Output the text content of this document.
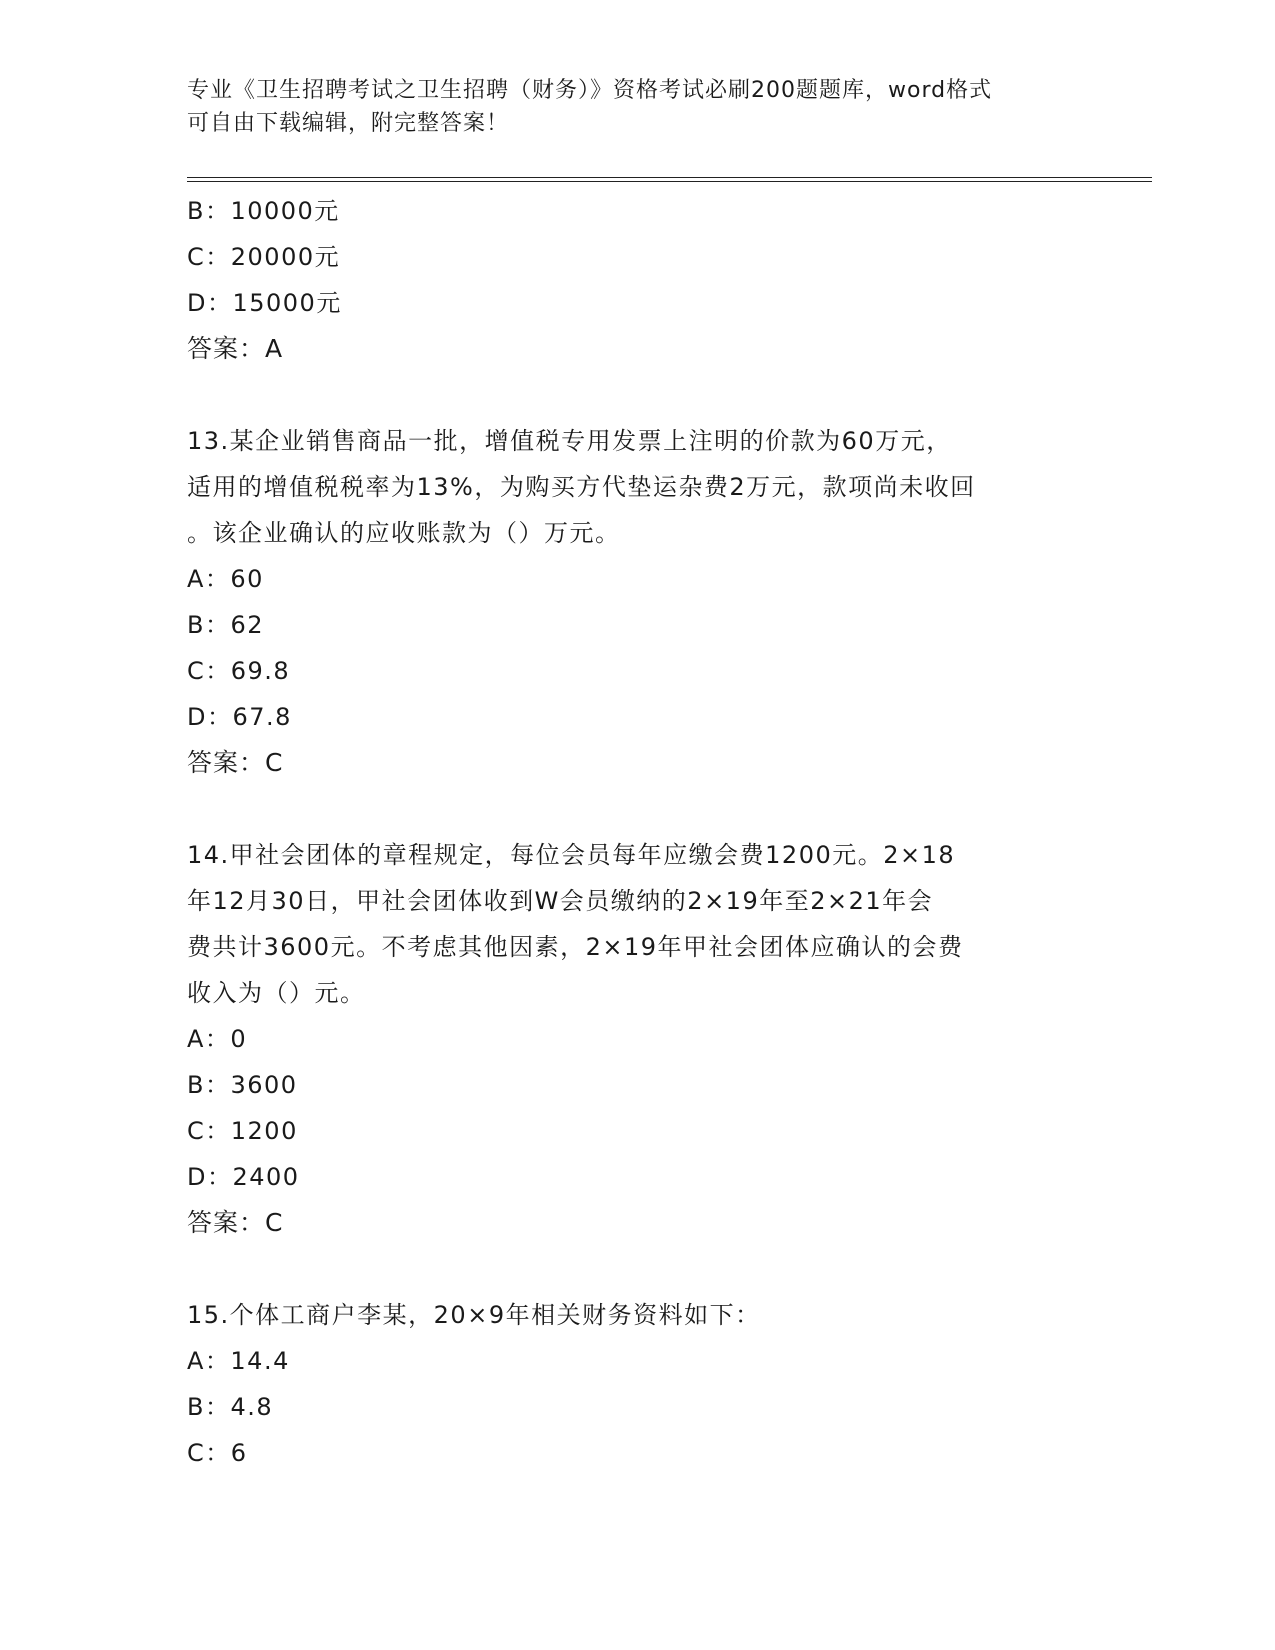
专业《卫生招聘考试之卫生招聘（财务）》资格考试必刷200题题库，word格式
可自由下载编辑，附完整答案！
B：10000元
C：20000元
D：15000元
答案：A
13.某企业销售商品一批，增值税专用发票上注明的价款为60万元，
适用的增值税税率为13%，为购买方代垫运杂费2万元，款项尚未收回
。该企业确认的应收账款为（）万元。
A：60
B：62
C：69.8
D：67.8
答案：C
14.甲社会团体的章程规定，每位会员每年应缴会费1200元。2×18
年12月30日，甲社会团体收到W会员缴纳的2×19年至2×21年会
费共计3600元。不考虑其他因素，2×19年甲社会团体应确认的会费
收入为（）元。
A：0
B：3600
C：1200
D：2400
答案：C
15.个体工商户李某，20×9年相关财务资料如下：
A：14.4
B：4.8
C：6
